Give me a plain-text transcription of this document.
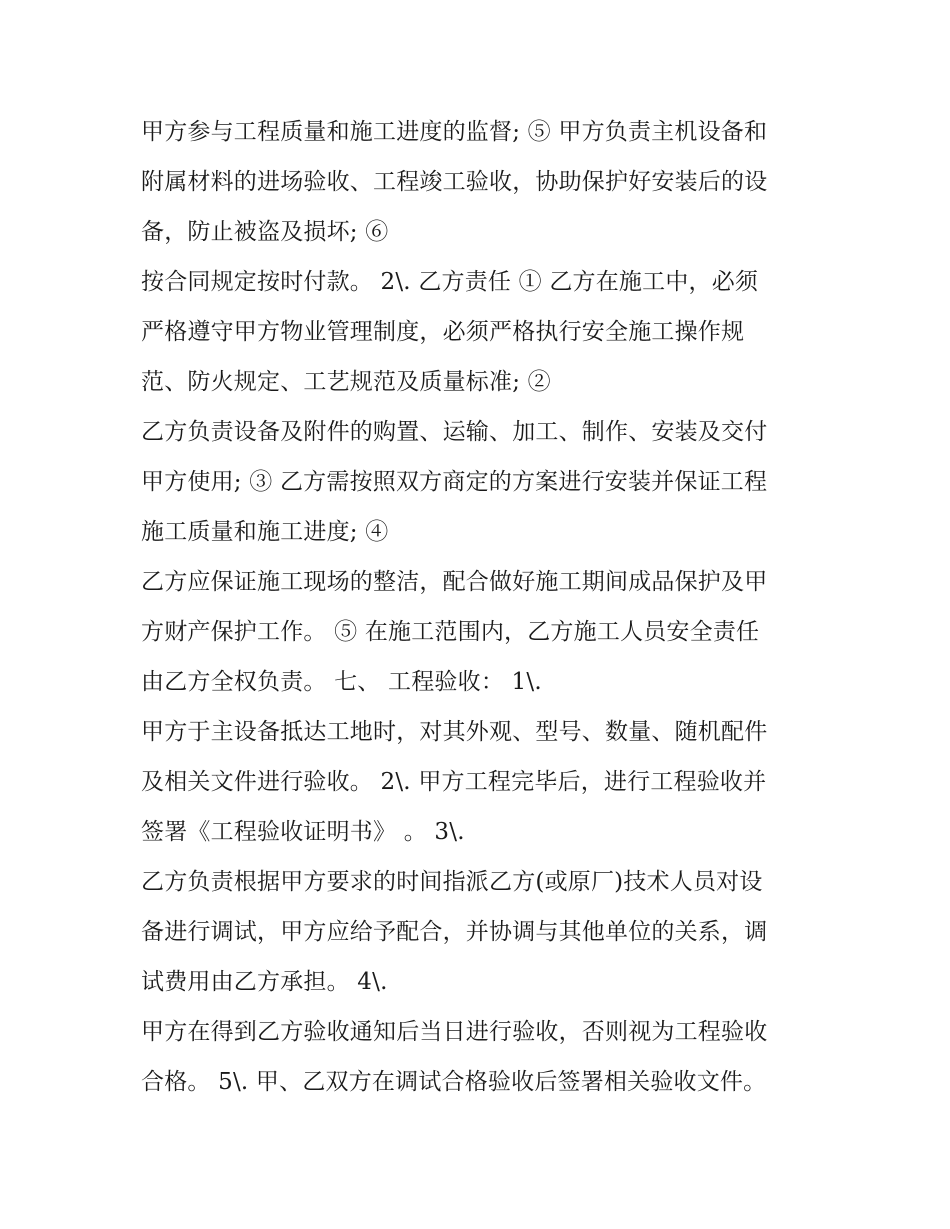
甲方参与工程质量和施工进度的监督; ⑤ 甲方负责主机设备和
附属材料的进场验收、工程竣工验收，协助保护好安装后的设
备，防止被盗及损坏; ⑥
按合同规定按时付款。 2\. 乙方责任 ① 乙方在施工中，必须
严格遵守甲方物业管理制度，必须严格执行安全施工操作规
范、防火规定、工艺规范及质量标准; ②
乙方负责设备及附件的购置、运输、加工、制作、安装及交付
甲方使用; ③ 乙方需按照双方商定的方案进行安装并保证工程
施工质量和施工进度; ④
乙方应保证施工现场的整洁，配合做好施工期间成品保护及甲
方财产保护工作。 ⑤ 在施工范围内，乙方施工人员安全责任
由乙方全权负责。 七、 工程验收： 1\.
甲方于主设备抵达工地时，对其外观、型号、数量、随机配件
及相关文件进行验收。 2\. 甲方工程完毕后，进行工程验收并
签署《工程验收证明书》 。 3\.
乙方负责根据甲方要求的时间指派乙方(或原厂)技术人员对设
备进行调试，甲方应给予配合，并协调与其他单位的关系，调
试费用由乙方承担。 4\.
甲方在得到乙方验收通知后当日进行验收，否则视为工程验收
合格。 5\. 甲、乙双方在调试合格验收后签署相关验收文件。
